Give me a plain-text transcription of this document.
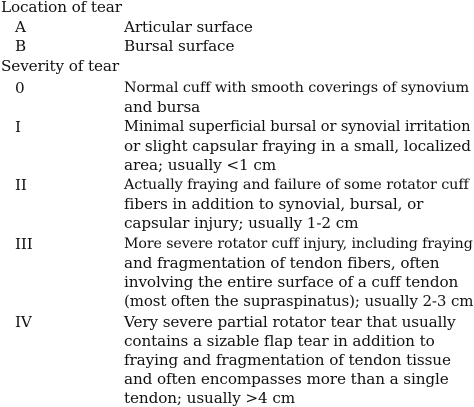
Location of tear
A	Articular surface
B	Bursal surface
Severity of tear
0	Normal cuff with smooth coverings of synovium
and bursa
I	Minimal superficial bursal or synovial irritation
or slight capsular fraying in a small, localized
area; usually <1 cm
II	Actually fraying and failure of some rotator cuff
fibers in addition to synovial, bursal, or
capsular injury; usually 1-2 cm
III	More severe rotator cuff injury, including fraying
and fragmentation of tendon fibers, often
involving the entire surface of a cuff tendon
(most often the supraspinatus); usually 2-3 cm
IV	Very severe partial rotator tear that usually
contains a sizable flap tear in addition to
fraying and fragmentation of tendon tissue
and often encompasses more than a single
tendon; usually >4 cm
